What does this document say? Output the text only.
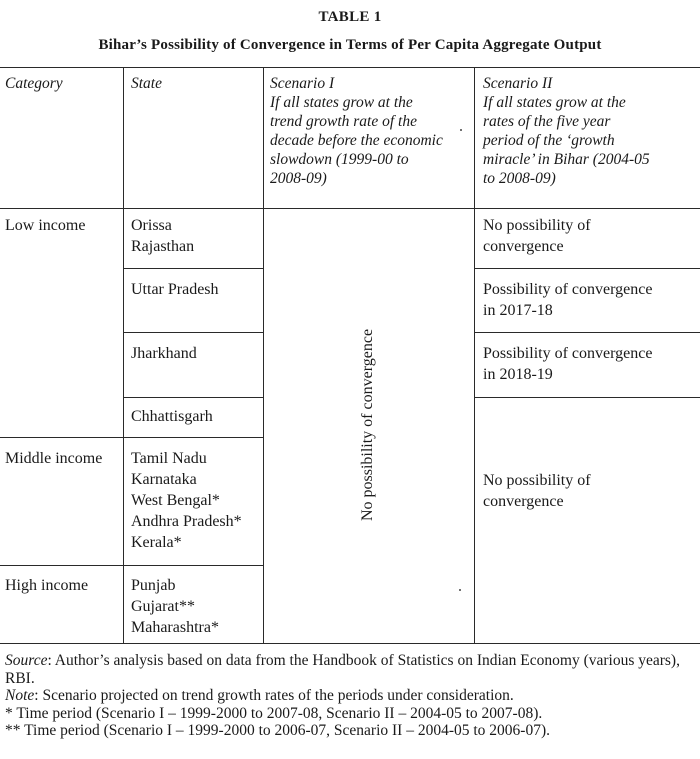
TABLE 1
Bihar’s Possibility of Convergence in Terms of Per Capita Aggregate Output
Category	State	Scenario I
If all states grow at the
trend growth rate of the
decade before the economic
slowdown (1999-00 to
2008-09)
Scenario II
If all states grow at the
rates of the five year
period of the ‘growth
miracle’ in Bihar (2004-05
to 2008-09)
Low income
Middle income
High income
Orissa
Rajasthan
Uttar Pradesh
Jharkhand
Chhattisgarh
Tamil Nadu
Karnataka
West Bengal*
Andhra Pradesh*
Kerala*
Punjab
Gujarat**
Maharashtra*
No possibility of convergence
No possibility of
convergence
Possibility of convergence
in 2017-18
Possibility of convergence
in 2018-19
No possibility of
convergence

Source: Author’s analysis based on data from the Handbook of Statistics on Indian Economy (various years), RBI.

Note: Scenario projected on trend growth rates of the periods under consideration.

* Time period (Scenario I – 1999-2000 to 2007-08, Scenario II – 2004-05 to 2007-08).

** Time period (Scenario I – 1999-2000 to 2006-07, Scenario II – 2004-05 to 2006-07).
